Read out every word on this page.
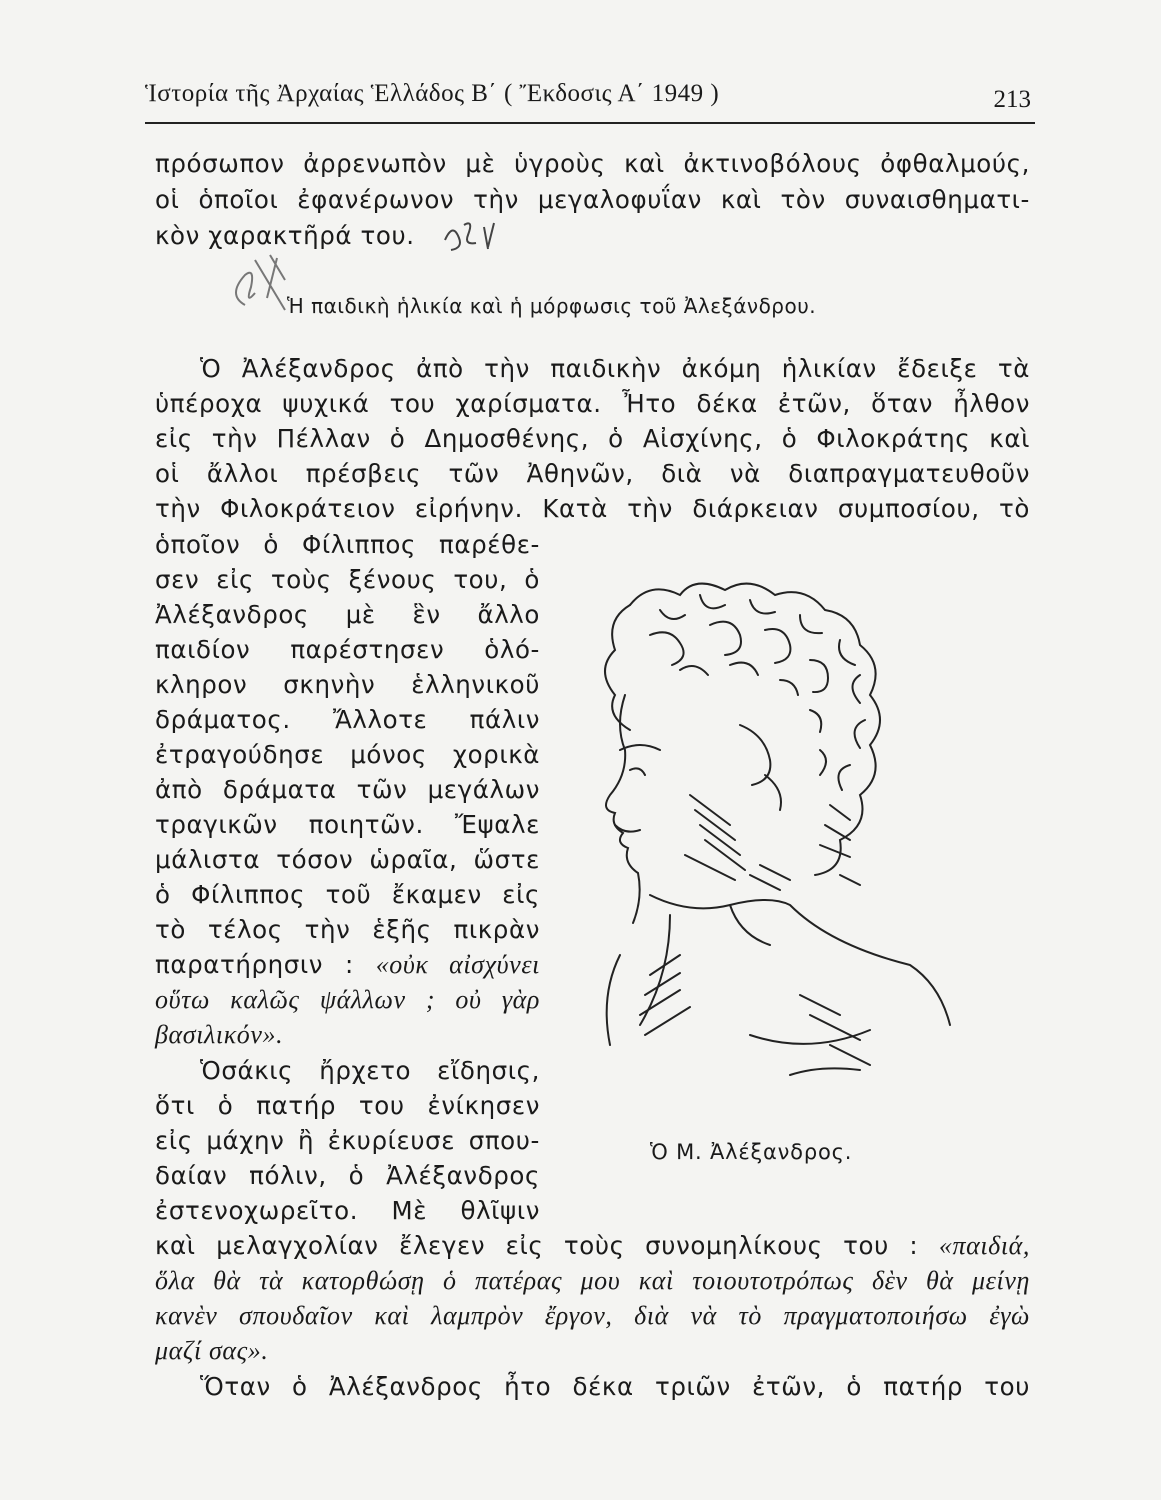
Ἱστορία τῆς Ἀρχαίας Ἑλλάδος Β΄ ( Ἔκδοσις Α΄ 1949 )	213
πρόσωπον ἀρρενωπὸν μὲ ὑγροὺς καὶ ἀκτινοβόλους ὀφθαλμούς,
οἱ ὁποῖοι ἐφανέρωνον τὴν μεγαλοφυΐαν καὶ τὸν συναισθηματι-
κὸν χαρακτῆρά του.
Ἡ παιδικὴ ἡλικία καὶ ἡ μόρφωσις τοῦ Ἀλεξάνδρου.
Ὁ Ἀλέξανδρος ἀπὸ τὴν παιδικὴν ἀκόμη ἡλικίαν ἔδειξε τὰ
ὑπέροχα ψυχικά του χαρίσματα. Ἦτο δέκα ἐτῶν, ὅταν ἦλθον
εἰς τὴν Πέλλαν ὁ Δημοσθένης, ὁ Αἰσχίνης, ὁ Φιλοκράτης καὶ
οἱ ἄλλοι πρέσβεις τῶν Ἀθηνῶν, διὰ νὰ διαπραγματευθοῦν
τὴν Φιλοκράτειον εἰρήνην. Κατὰ τὴν διάρκειαν συμποσίου, τὸ
ὁποῖον ὁ Φίλιππος παρέθε-
σεν εἰς τοὺς ξένους του, ὁ
Ἀλέξανδρος μὲ ἓν ἄλλο
παιδίον παρέστησεν ὁλό-
κληρον σκηνὴν ἑλληνικοῦ
δράματος. Ἄλλοτε πάλιν
ἐτραγούδησε μόνος χορικὰ
ἀπὸ δράματα τῶν μεγάλων
τραγικῶν ποιητῶν. Ἔψαλε
μάλιστα τόσον ὡραῖα, ὥστε
ὁ Φίλιππος τοῦ ἔκαμεν εἰς
τὸ τέλος τὴν ἑξῆς πικρὰν
παρατήρησιν : «οὐκ αἰσχύνει
οὕτω καλῶς ψάλλων ; οὐ γὰρ
βασιλικόν».
Ὁσάκις ἤρχετο εἴδησις,
ὅτι ὁ πατήρ του ἐνίκησεν
εἰς μάχην ἢ ἐκυρίευσε σπου-
δαίαν πόλιν, ὁ Ἀλέξανδρος
ἐστενοχωρεῖτο. Μὲ θλῖψιν
καὶ μελαγχολίαν ἔλεγεν εἰς τοὺς συνομηλίκους του : «παιδιά,
ὅλα θὰ τὰ κατορθώσῃ ὁ πατέρας μου καὶ τοιουτοτρόπως δὲν θὰ μείνῃ
κανὲν σπουδαῖον καὶ λαμπρὸν ἔργον, διὰ νὰ τὸ πραγματοποιήσω ἐγὼ
μαζί σας».
Ὅταν ὁ Ἀλέξανδρος ἦτο δέκα τριῶν ἐτῶν, ὁ πατήρ του
Ὁ Μ. Ἀλέξανδρος.
